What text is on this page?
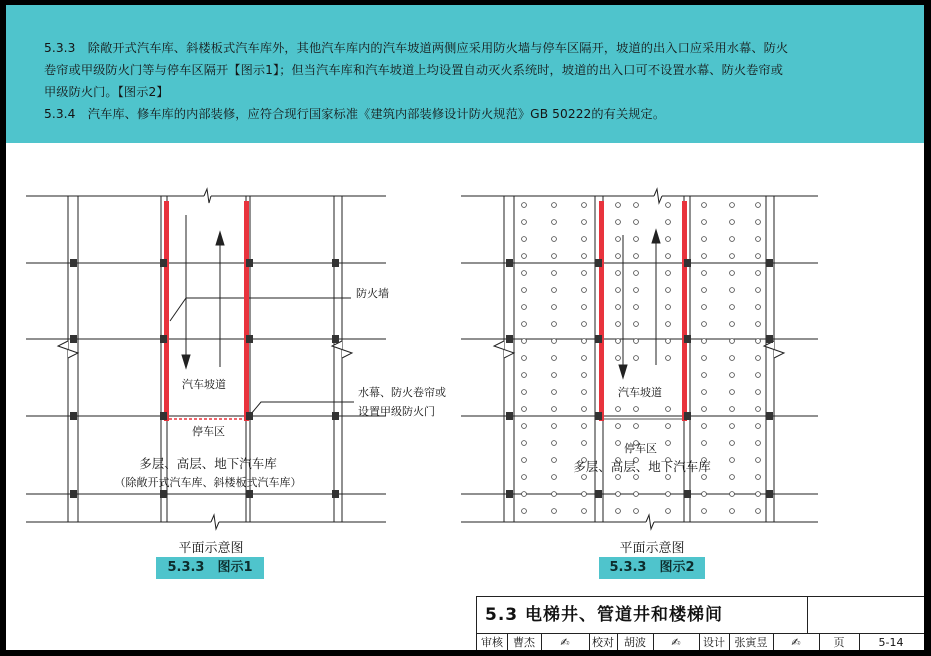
5.3.3　除敞开式汽车库、斜楼板式汽车库外，其他汽车库内的汽车坡道两侧应采用防火墙与停车区隔开，坡道的出入口应采用水幕、防火
卷帘或甲级防火门等与停车区隔开【图示1】；但当汽车库和汽车坡道上均设置自动灭火系统时，坡道的出入口可不设置水幕、防火卷帘或
甲级防火门。【图示2】
5.3.4　汽车库、修车库的内部装修，应符合现行国家标准《建筑内部装修设计防火规范》GB 50222的有关规定。
防火墙
汽车坡道
水幕、防火卷帘或
设置甲级防火门
停车区
多层、高层、地下汽车库
（除敞开式汽车库、斜楼板式汽车库）
汽车坡道
停车区
多层、高层、地下汽车库
平面示意图
5.3.3　图示1
平面示意图
5.3.3　图示2
5.3 电梯井、管道井和楼梯间
审核 曹杰	✍	校对 胡波	✍	设计 张寅昱	✍	页	5-14
